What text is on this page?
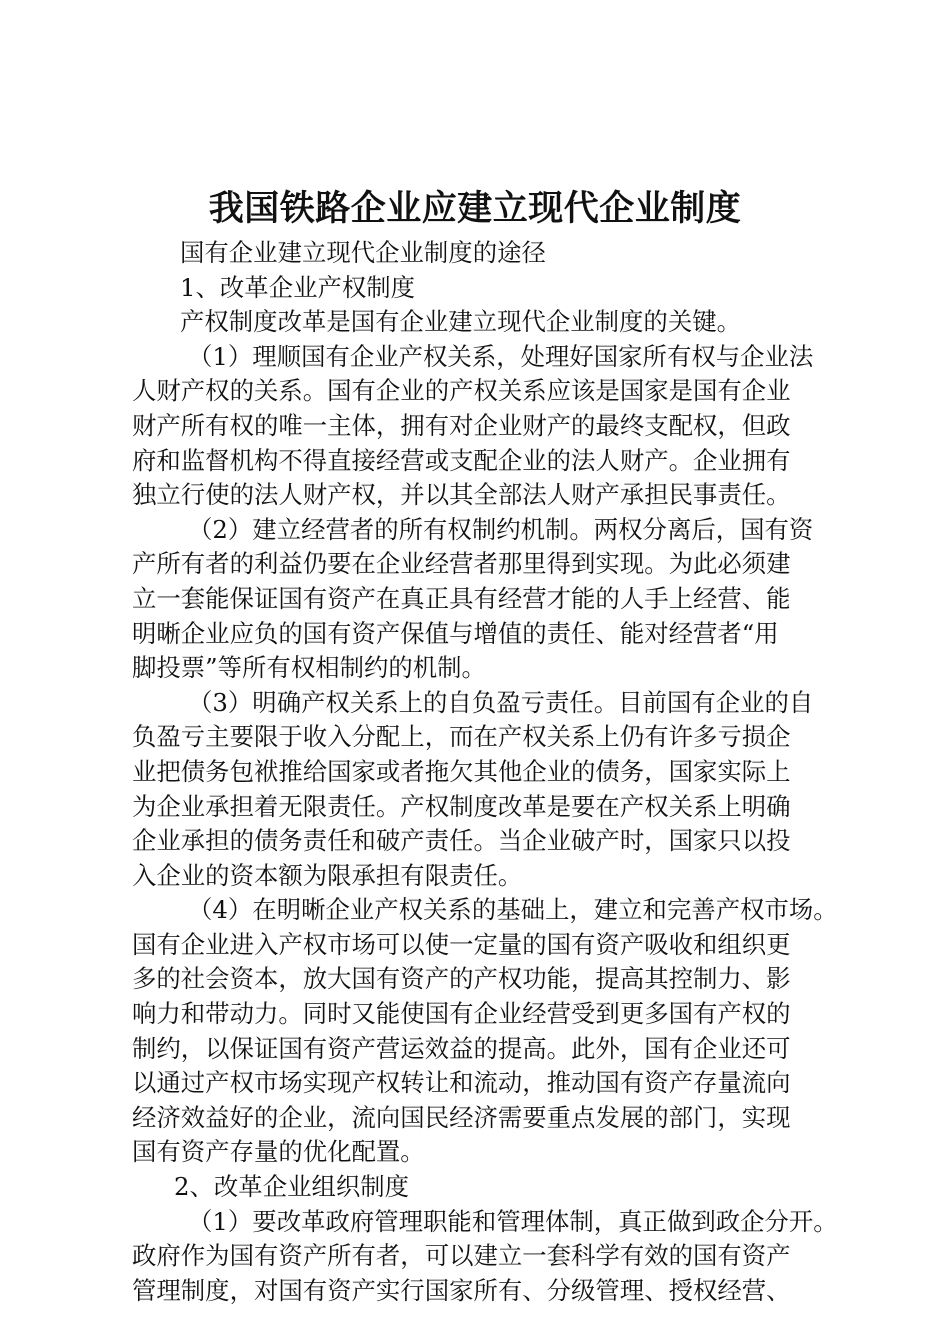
我国铁路企业应建立现代企业制度
国有企业建立现代企业制度的途径
1、改革企业产权制度
产权制度改革是国有企业建立现代企业制度的关键。
（1）理顺国有企业产权关系，处理好国家所有权与企业法
人财产权的关系。国有企业的产权关系应该是国家是国有企业
财产所有权的唯一主体，拥有对企业财产的最终支配权，但政
府和监督机构不得直接经营或支配企业的法人财产。企业拥有
独立行使的法人财产权，并以其全部法人财产承担民事责任。
（2）建立经营者的所有权制约机制。两权分离后，国有资
产所有者的利益仍要在企业经营者那里得到实现。为此必须建
立一套能保证国有资产在真正具有经营才能的人手上经营、能
明晰企业应负的国有资产保值与增值的责任、能对经营者“用
脚投票”等所有权相制约的机制。
（3）明确产权关系上的自负盈亏责任。目前国有企业的自
负盈亏主要限于收入分配上，而在产权关系上仍有许多亏损企
业把债务包袱推给国家或者拖欠其他企业的债务，国家实际上
为企业承担着无限责任。产权制度改革是要在产权关系上明确
企业承担的债务责任和破产责任。当企业破产时，国家只以投
入企业的资本额为限承担有限责任。
（4）在明晰企业产权关系的基础上，建立和完善产权市场。
国有企业进入产权市场可以使一定量的国有资产吸收和组织更
多的社会资本，放大国有资产的产权功能，提高其控制力、影
响力和带动力。同时又能使国有企业经营受到更多国有产权的
制约，以保证国有资产营运效益的提高。此外，国有企业还可
以通过产权市场实现产权转让和流动，推动国有资产存量流向
经济效益好的企业，流向国民经济需要重点发展的部门，实现
国有资产存量的优化配置。
2、改革企业组织制度
（1）要改革政府管理职能和管理体制，真正做到政企分开。
政府作为国有资产所有者，可以建立一套科学有效的国有资产
管理制度，对国有资产实行国家所有、分级管理、授权经营、
